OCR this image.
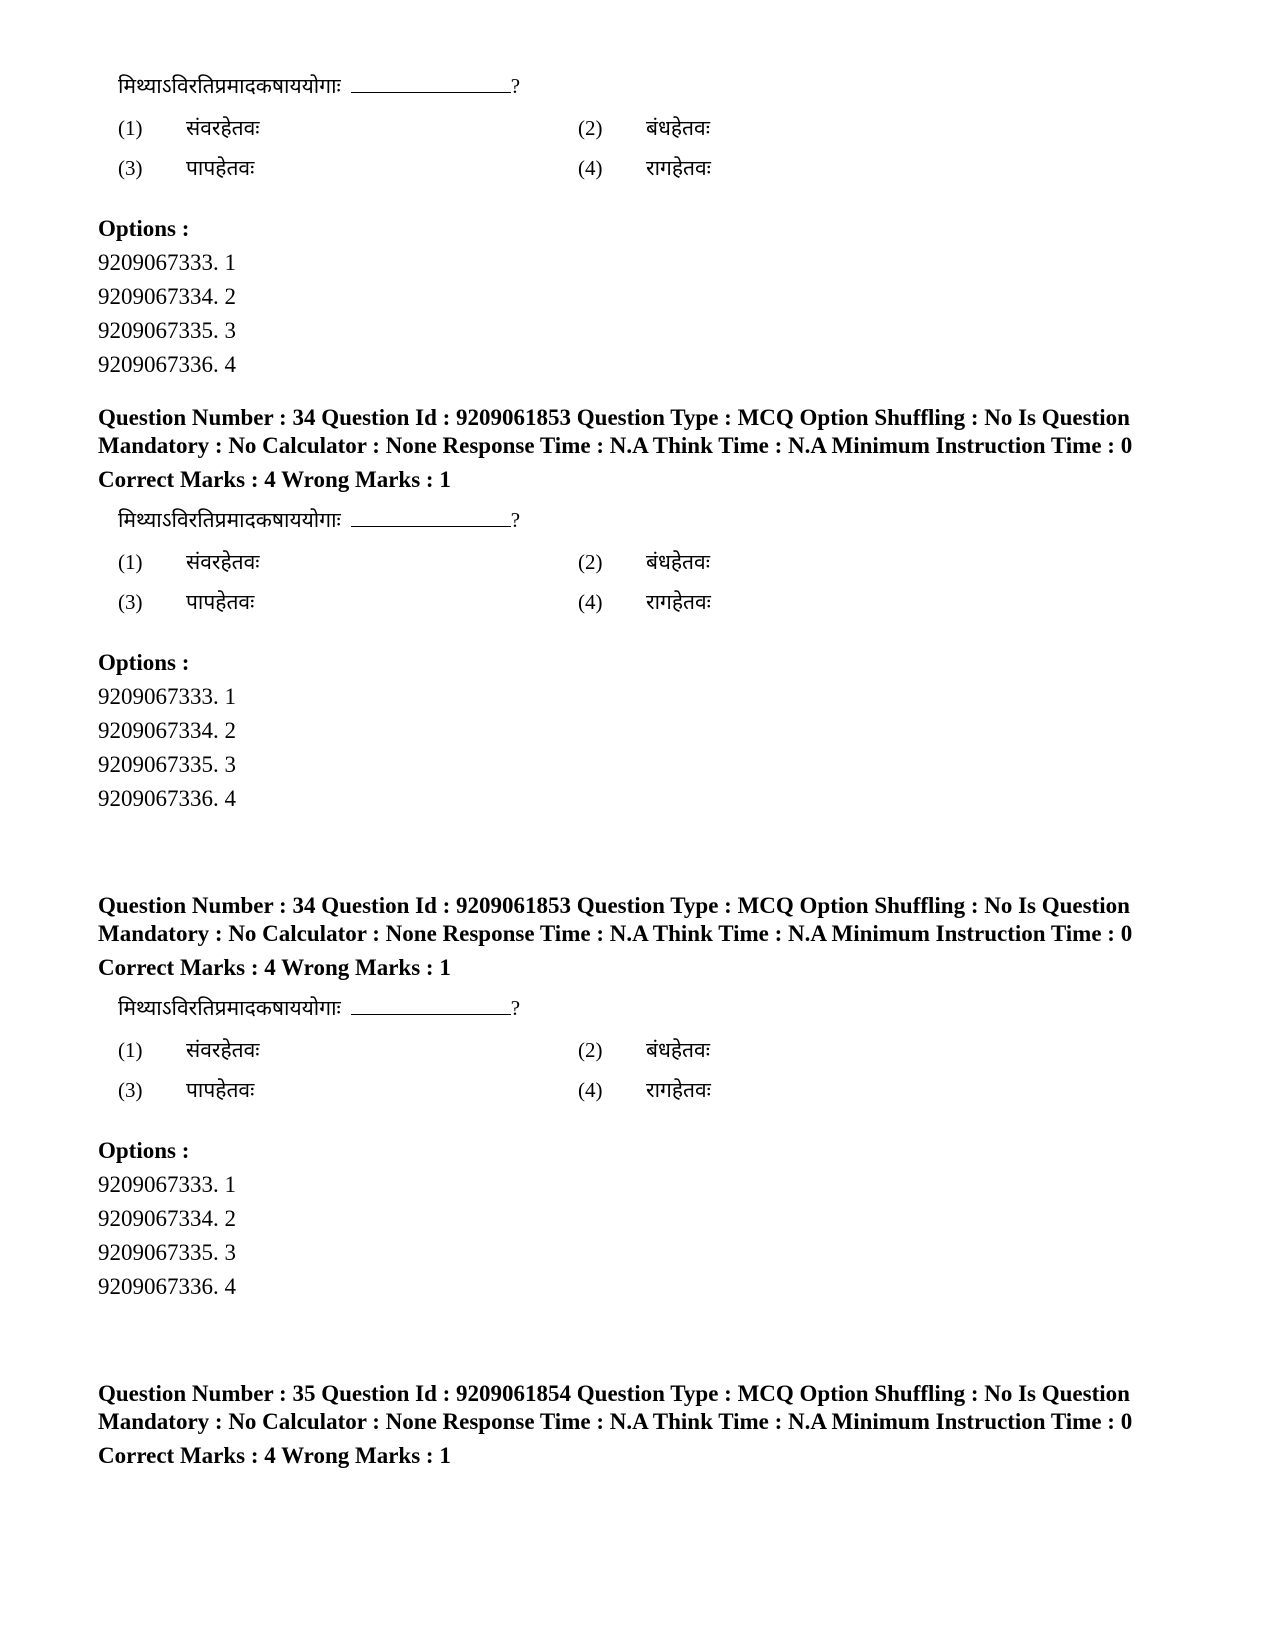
मिथ्याऽविरतिप्रमादकषाययोगाः	?
(1) संवरहेतवः	(2) बंधहेतवः
(3) पापहेतवः	(4) रागहेतवः
Options :
9209067333. 1
9209067334. 2
9209067335. 3
9209067336. 4
Question Number : 34 Question Id : 9209061853 Question Type : MCQ Option Shuffling : No Is Question Mandatory : No Calculator : None Response Time : N.A Think Time : N.A Minimum Instruction Time : 0
Correct Marks : 4 Wrong Marks : 1
मिथ्याऽविरतिप्रमादकषाययोगाः	?
(1) संवरहेतवः	(2) बंधहेतवः
(3) पापहेतवः	(4) रागहेतवः
Options :
9209067333. 1
9209067334. 2
9209067335. 3
9209067336. 4
Question Number : 34 Question Id : 9209061853 Question Type : MCQ Option Shuffling : No Is Question Mandatory : No Calculator : None Response Time : N.A Think Time : N.A Minimum Instruction Time : 0
Correct Marks : 4 Wrong Marks : 1
मिथ्याऽविरतिप्रमादकषाययोगाः	?
(1) संवरहेतवः	(2) बंधहेतवः
(3) पापहेतवः	(4) रागहेतवः
Options :
9209067333. 1
9209067334. 2
9209067335. 3
9209067336. 4
Question Number : 35 Question Id : 9209061854 Question Type : MCQ Option Shuffling : No Is Question Mandatory : No Calculator : None Response Time : N.A Think Time : N.A Minimum Instruction Time : 0
Correct Marks : 4 Wrong Marks : 1
